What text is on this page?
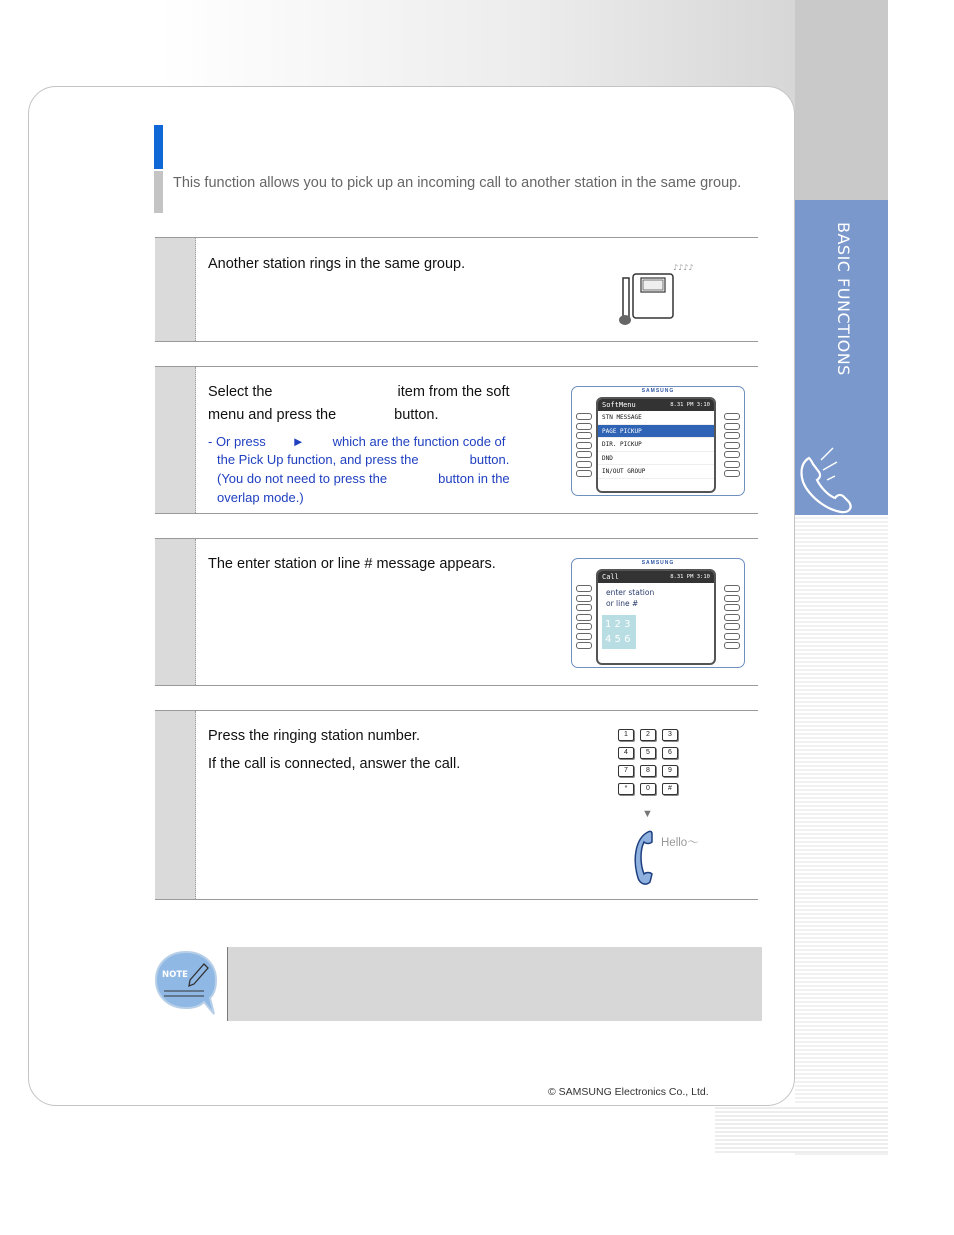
BASIC FUNCTIONS
This function allows you to pick up an incoming call to another station in the same group.
Another station rings in the same group.	♪♪♪♪
Select the	item from the soft
menu and press the	button.
- Or press ► which are the function code of
the Pick Up function, and press the	button.
(You do not need to press the	button in the
overlap mode.)
SAMSUNG
SoftMenu	8.31 PM 3:10
STN MESSAGE
PAGE PICKUP
DIR. PICKUP
DND
IN/OUT GROUP
The enter station or line # message appears.	SAMSUNG
Call	8.31 PM 3:10
enter station
or line #
1 2 3
4 5 6
Press the ringing station number.
If the call is connected, answer the call.
1	2	3
4	5	6
7	8	9
*	0	#
▼
Hello～
NOTE
© SAMSUNG Electronics Co., Ltd.
